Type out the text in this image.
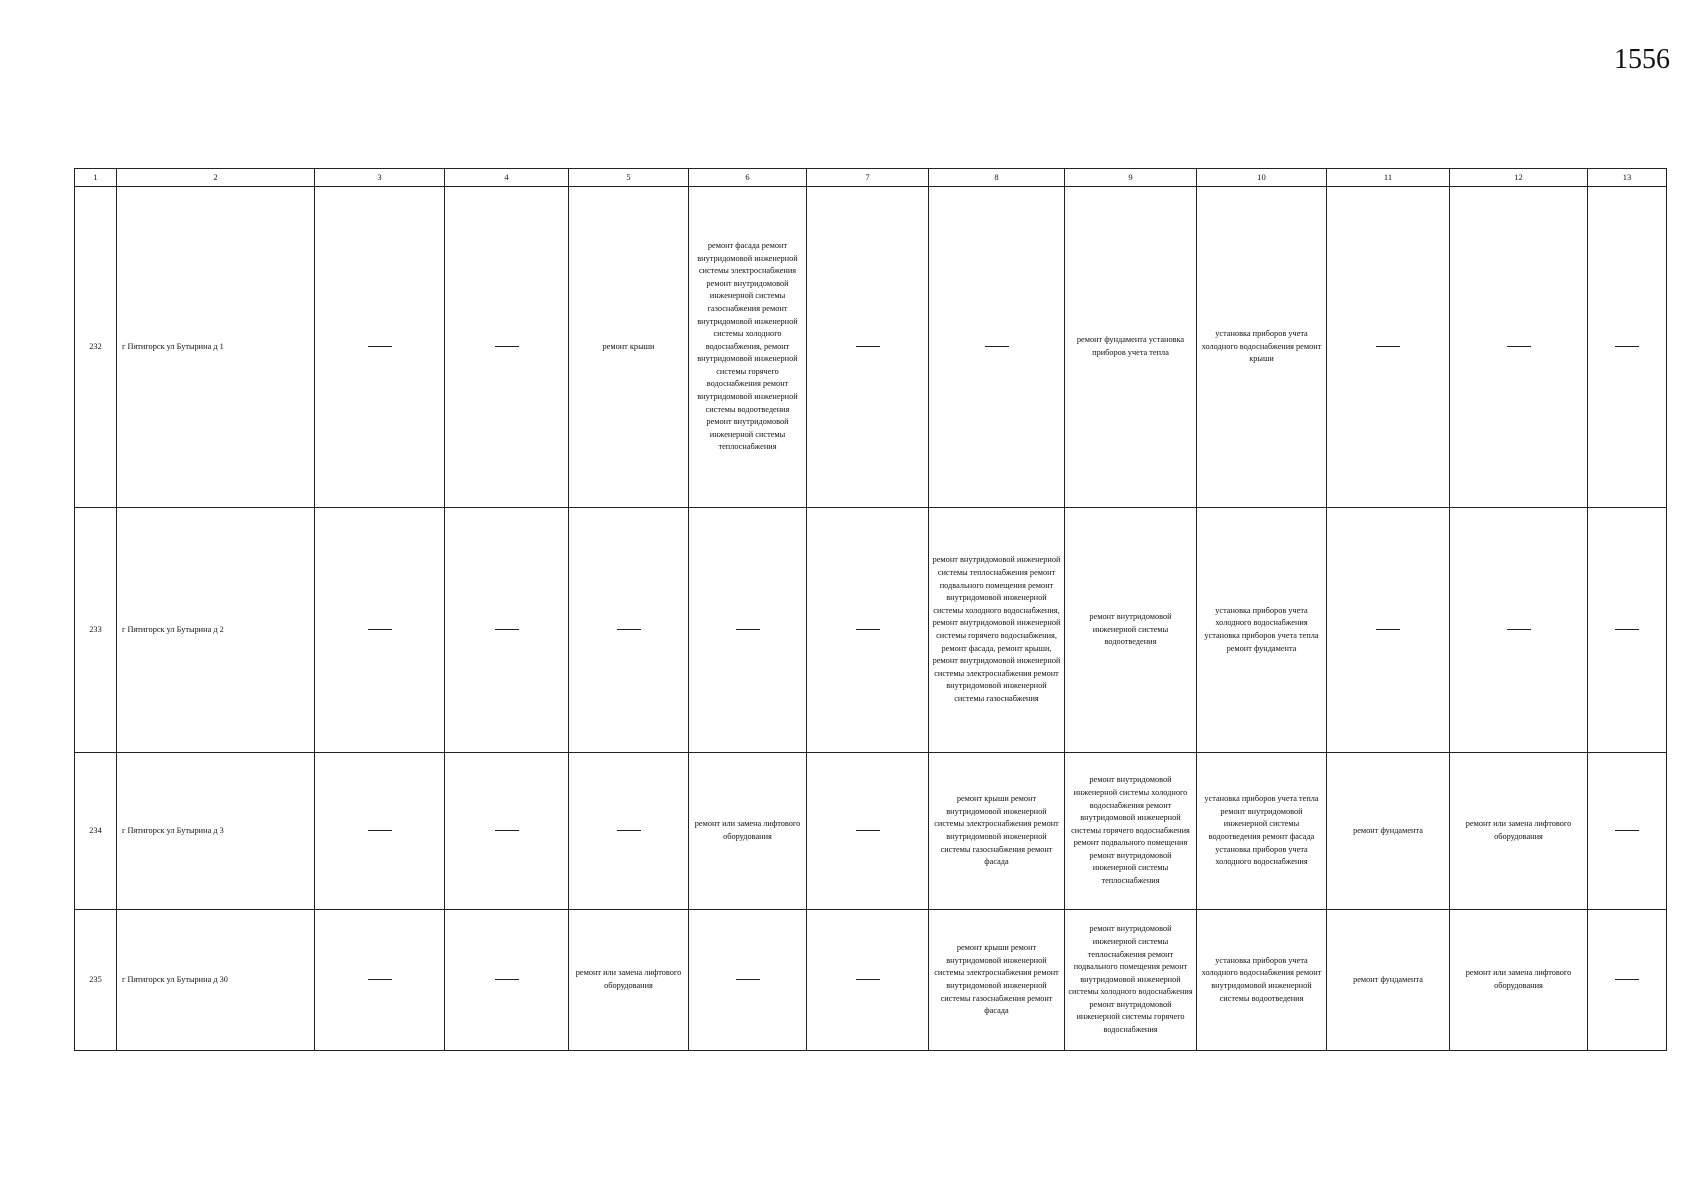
1556
1	2	3	4	5	6	7	8	9	10	11	12	13
232	г Пятигорск ул Бутырина д 1			ремонт крыши	ремонт фасада ремонт внутридомовой инженерной системы электроснабжения ремонт внутридомовой инженерной системы газоснабжения ремонт внутридомовой инженерной системы холодного водоснабжения, ремонт внутридомовой инженерной системы горячего водоснабжения ремонт внутридомовой инженерной системы водоотведения ремонт внутридомовой инженерной системы теплоснабжения			ремонт фундамента установка приборов учета тепла	установка приборов учета холодного водоснабжения ремонт крыши			
233	г Пятигорск ул Бутырина д 2						ремонт внутридомовой инженерной системы теплоснабжения ремонт подвального помещения ремонт внутридомовой инженерной системы холодного водоснабжения, ремонт внутридомовой инженерной системы горячего водоснабжения, ремонт фасада, ремонт крыши, ремонт внутридомовой инженерной системы электроснабжения ремонт внутридомовой инженерной системы газоснабжения	ремонт внутридомовой инженерной системы водоотведения	установка приборов учета холодного водоснабжения установка приборов учета тепла ремонт фундамента			
234	г Пятигорск ул Бутырина д 3				ремонт или замена лифтового оборудования		ремонт крыши ремонт внутридомовой инженерной системы электроснабжения ремонт внутридомовой инженерной системы газоснабжения ремонт фасада	ремонт внутридомовой инженерной системы холодного водоснабжения ремонт внутридомовой инженерной системы горячего водоснабжения ремонт подвального помещения ремонт внутридомовой инженерной системы теплоснабжения	установка приборов учета тепла ремонт внутридомовой инженерной системы водоотведения ремонт фасада установка приборов учета холодного водоснабжения	ремонт фундамента	ремонт или замена лифтового оборудования	
235	г Пятигорск ул Бутырина д 30			ремонт или замена лифтового оборудования			ремонт крыши ремонт внутридомовой инженерной системы электроснабжения ремонт внутридомовой инженерной системы газоснабжения ремонт фасада	ремонт внутридомовой инженерной системы теплоснабжения ремонт подвального помещения ремонт внутридомовой инженерной системы холодного водоснабжения ремонт внутридомовой инженерной системы горячего водоснабжения	установка приборов учета холодного водоснабжения ремонт внутридомовой инженерной системы водоотведения	ремонт фундамента	ремонт или замена лифтового оборудования	
